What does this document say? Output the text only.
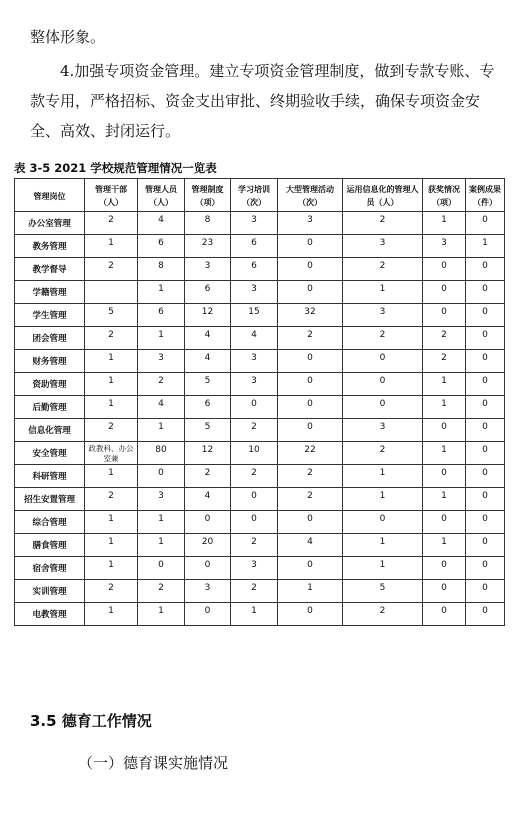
整体形象。

4.加强专项资金管理。建立专项资金管理制度，做到专款专账、专款专用，严格招标、资金支出审批、终期验收手续，确保专项资金安全、高效、封闭运行。

表 3-5 2021 学校规范管理情况一览表
管理岗位	管理干部（人）	管理人员（人）	管理制度（项）	学习培训（次）	大型管理活动（次）	运用信息化的管理人员（人）	获奖情况（项）	案例成果（件）
办公室管理	2	4	8	3	3	2	1	0
教务管理	1	6	23	6	0	3	3	1
教学督导	2	8	3	6	0	2	0	0
学籍管理		1	6	3	0	1	0	0
学生管理	5	6	12	15	32	3	0	0
团会管理	2	1	4	4	2	2	2	0
财务管理	1	3	4	3	0	0	2	0
资助管理	1	2	5	3	0	0	1	0
后勤管理	1	4	6	0	0	0	1	0
信息化管理	2	1	5	2	0	3	0	0
安全管理	政教科、办公室兼	80	12	10	22	2	1	0
科研管理	1	0	2	2	2	1	0	0
招生安置管理	2	3	4	0	2	1	1	0
综合管理	1	1	0	0	0	0	0	0
膳食管理	1	1	20	2	4	1	1	0
宿舍管理	1	0	0	3	0	1	0	0
实训管理	2	2	3	2	1	5	0	0
电教管理	1	1	0	1	0	2	0	0
3.5 德育工作情况
（一）德育课实施情况
